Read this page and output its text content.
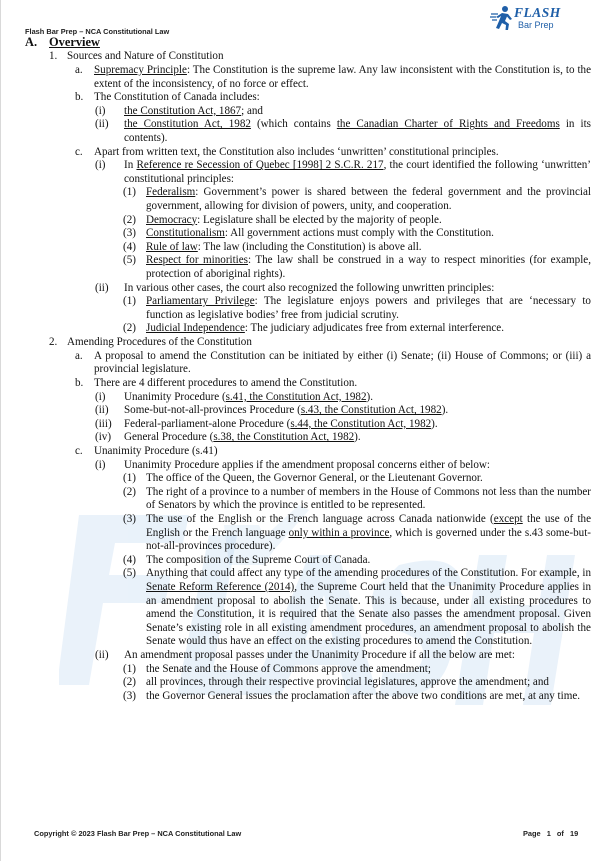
Flash Bar Prep – NCA Constitutional Law
FLASH
Bar Prep
A. Overview
1. Sources and Nature of Constitution
a. Supremacy Principle: The Constitution is the supreme law. Any law inconsistent with the Constitution is, to the extent of the inconsistency, of no force or effect.
b. The Constitution of Canada includes:
(i) the Constitution Act, 1867; and
(ii) the Constitution Act, 1982 (which contains the Canadian Charter of Rights and Freedoms in its contents).
c. Apart from written text, the Constitution also includes ‘unwritten’ constitutional principles.
(i) In Reference re Secession of Quebec [1998] 2 S.C.R. 217, the court identified the following ‘unwritten’ constitutional principles:
(1) Federalism: Government’s power is shared between the federal government and the provincial government, allowing for division of powers, unity, and cooperation.
(2) Democracy: Legislature shall be elected by the majority of people.
(3) Constitutionalism: All government actions must comply with the Constitution.
(4) Rule of law: The law (including the Constitution) is above all.
(5) Respect for minorities: The law shall be construed in a way to respect minorities (for example, protection of aboriginal rights).
(ii) In various other cases, the court also recognized the following unwritten principles:
(1) Parliamentary Privilege: The legislature enjoys powers and privileges that are ‘necessary to function as legislative bodies’ free from judicial scrutiny.
(2) Judicial Independence: The judiciary adjudicates free from external interference.
2. Amending Procedures of the Constitution
a. A proposal to amend the Constitution can be initiated by either (i) Senate; (ii) House of Commons; or (iii) a provincial legislature.
b. There are 4 different procedures to amend the Constitution.
(i) Unanimity Procedure (s.41, the Constitution Act, 1982).
(ii) Some-but-not-all-provinces Procedure (s.43, the Constitution Act, 1982).
(iii) Federal-parliament-alone Procedure (s.44, the Constitution Act, 1982).
(iv) General Procedure (s.38, the Constitution Act, 1982).
c. Unanimity Procedure (s.41)
(i) Unanimity Procedure applies if the amendment proposal concerns either of below:
(1) The office of the Queen, the Governor General, or the Lieutenant Governor.
(2) The right of a province to a number of members in the House of Commons not less than the number of Senators by which the province is entitled to be represented.
(3) The use of the English or the French language across Canada nationwide (except the use of the English or the French language only within a province, which is governed under the s.43 some-but-not-all-provinces procedure).
(4) The composition of the Supreme Court of Canada.
(5) Anything that could affect any type of the amending procedures of the Constitution. For example, in Senate Reform Reference (2014), the Supreme Court held that the Unanimity Procedure applies in an amendment proposal to abolish the Senate. This is because, under all existing procedures to amend the Constitution, it is required that the Senate also passes the amendment proposal. Given Senate’s existing role in all existing amendment procedures, an amendment proposal to abolish the Senate would thus have an effect on the existing procedures to amend the Constitution.
(ii) An amendment proposal passes under the Unanimity Procedure if all the below are met:
(1) the Senate and the House of Commons approve the amendment;
(2) all provinces, through their respective provincial legislatures, approve the amendment; and
(3) the Governor General issues the proclamation after the above two conditions are met, at any time.
Copyright © 2023 Flash Bar Prep – NCA Constitutional Law	Page 1 of 19
